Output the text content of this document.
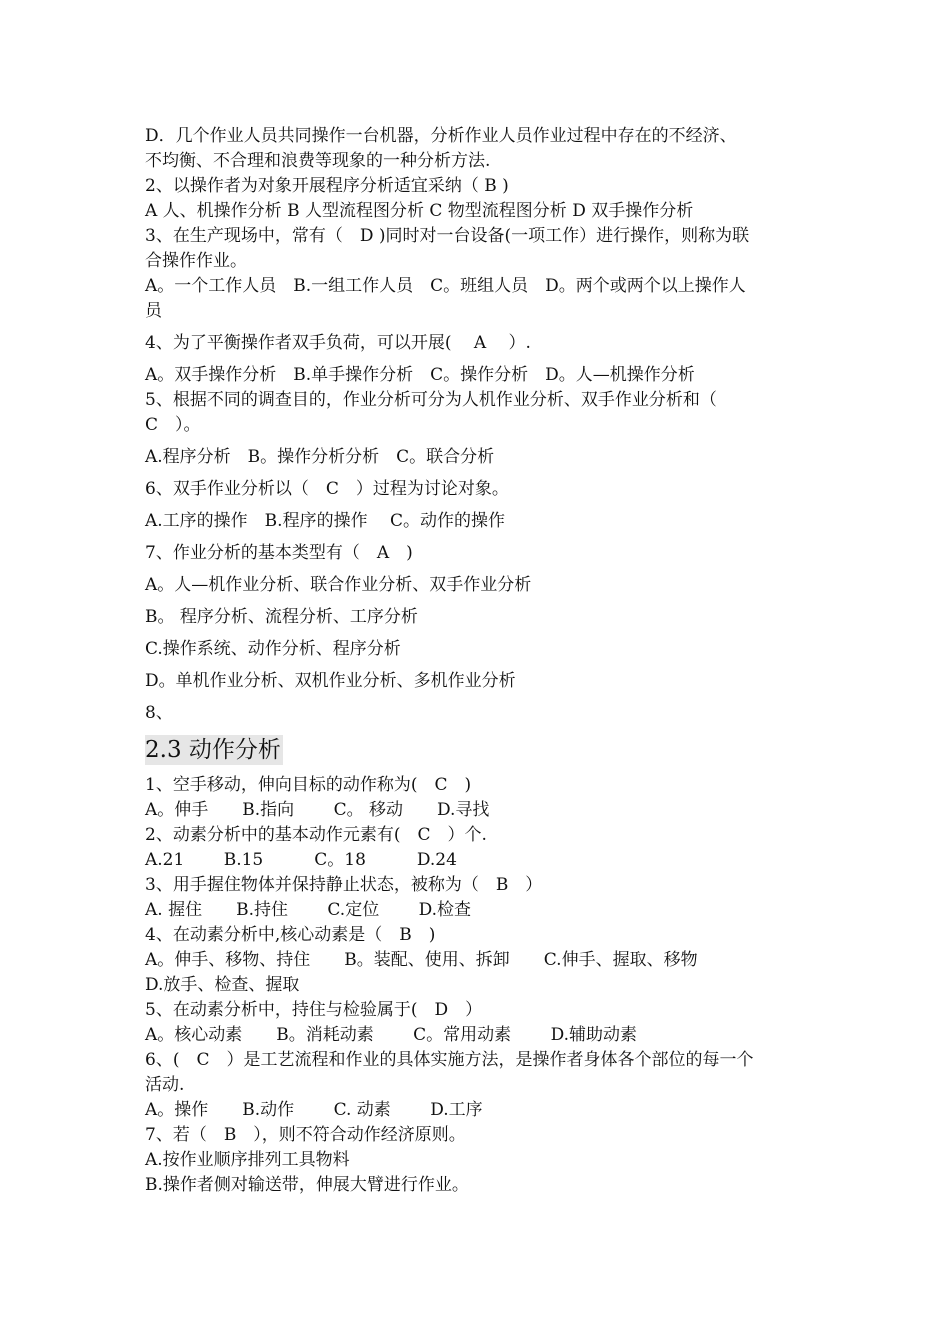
D．几个作业人员共同操作一台机器，分析作业人员作业过程中存在的不经济、
不均衡、不合理和浪费等现象的一种分析方法.
2、以操作者为对象开展程序分析适宜采纳（ B )
A 人、机操作分析 B 人型流程图分析 C 物型流程图分析 D 双手操作分析
3、在生产现场中，常有（　D )同时对一台设备(一项工作）进行操作，则称为联
合操作作业。
A。一个工作人员　B.一组工作人员　C。班组人员　D。两个或两个以上操作人
员
4、为了平衡操作者双手负荷，可以开展(　 A　 ）.
A。双手操作分析　B.单手操作分析　C。操作分析　D。人—机操作分析
5、根据不同的调查目的，作业分析可分为人机作业分析、双手作业分析和（
C　）。
A.程序分析　B。操作分析分析　C。联合分析
6、双手作业分析以（　C　）过程为讨论对象。
A.工序的操作　B.程序的操作　 C。动作的操作
7、作业分析的基本类型有（　A　)
A。人—机作业分析、联合作业分析、双手作业分析
B。 程序分析、流程分析、工序分析
C.操作系统、动作分析、程序分析
D。单机作业分析、双机作业分析、多机作业分析
8、
2.3 动作分析
1、空手移动，伸向目标的动作称为(　C　)
A。伸手　　B.指向　　 C。 移动　　D.寻找
2、动素分析中的基本动作元素有(　C　）个.
A.21　　 B.15　　　C。18　　　D.24
3、用手握住物体并保持静止状态，被称为（　B　）
A. 握住　　B.持住　　 C.定位　　 D.检查
4、在动素分析中,核心动素是（　B　)
A。伸手、移物、持住　　B。装配、使用、拆卸　　C.伸手、握取、移物
D.放手、检查、握取
5、在动素分析中，持住与检验属于(　D　）
A。核心动素　　B。消耗动素　　 C。常用动素　　 D.辅助动素
6、(　C　）是工艺流程和作业的具体实施方法，是操作者身体各个部位的每一个
活动.
A。操作　　B.动作　　 C. 动素　　 D.工序
7、若（　B　），则不符合动作经济原则。
A.按作业顺序排列工具物料
B.操作者侧对输送带，伸展大臂进行作业。
